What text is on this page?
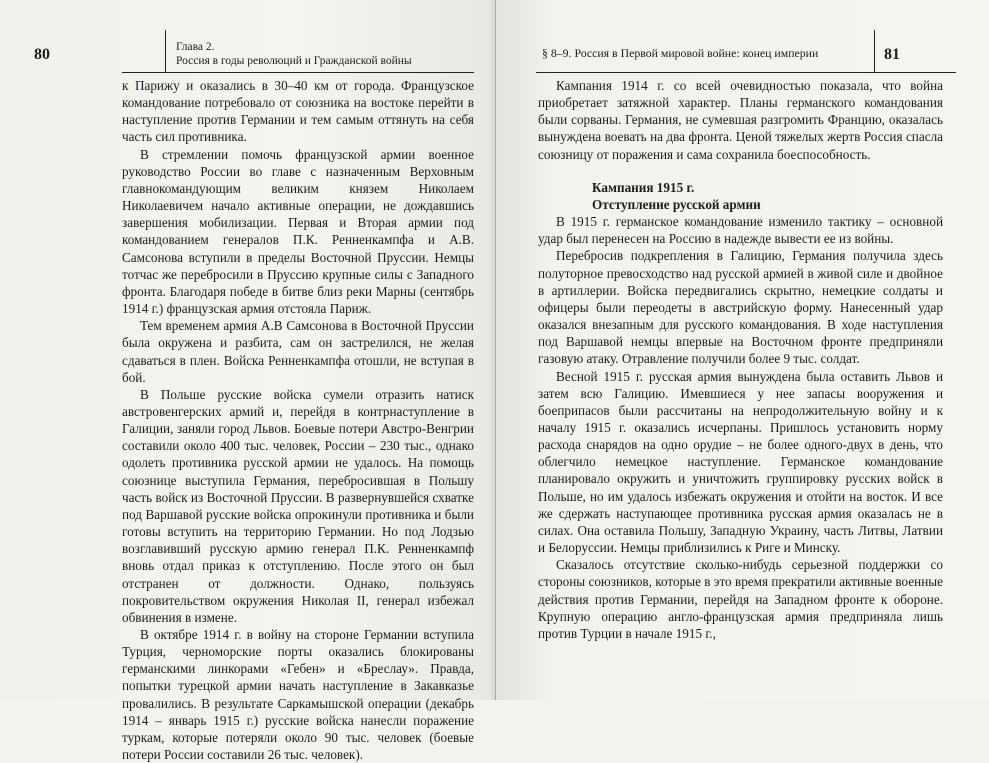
80	Глава 2.
Россия в годы революций и Гражданской войны

к Парижу и оказались в 30–40 км от города. Французское командование потребовало от союзника на востоке перейти в наступление против Германии и тем самым оттянуть на себя часть сил противника.

В стремлении помочь французской армии военное руководство России во главе с назначенным Верховным главнокомандующим великим князем Николаем Николаевичем начало активные операции, не дождавшись завершения мобилизации. Первая и Вторая армии под командованием генералов П.К. Ренненкампфа и А.В. Самсонова вступили в пределы Восточной Пруссии. Немцы тотчас же перебросили в Пруссию крупные силы с Западного фронта. Благодаря победе в битве близ реки Марны (сентябрь 1914 г.) французская армия отстояла Париж.

Тем временем армия А.В Самсонова в Восточной Пруссии была окружена и разбита, сам он застрелился, не желая сдаваться в плен. Войска Ренненкампфа отошли, не вступая в бой.

В Польше русские войска сумели отразить натиск австровенгерских армий и, перейдя в контрнаступление в Галиции, заняли город Львов. Боевые потери Австро-Венгрии составили около 400 тыс. человек, России – 230 тыс., однако одолеть противника русской армии не удалось. На помощь союзнице выступила Германия, перебросившая в Польшу часть войск из Восточной Пруссии. В развернувшейся схватке под Варшавой русские войска опрокинули противника и были готовы вступить на территорию Германии. Но под Лодзью возглавивший русскую армию генерал П.К. Ренненкампф вновь отдал приказ к отступлению. После этого он был отстранен от должности. Однако, пользуясь покровительством окружения Николая II, генерал избежал обвинения в измене.

В октябре 1914 г. в войну на стороне Германии вступила Турция, черноморские порты оказались блокированы германскими линкорами «Гебен» и «Бреслау». Правда, попытки турецкой армии начать наступление в Закавказье провалились. В результате Саркамышской операции (декабрь 1914 – январь 1915 г.) русские войска нанесли поражение туркам, которые потеряли около 90 тыс. человек (боевые потери России составили 26 тыс. человек).

§ 8–9. Россия в Первой мировой войне: конец империи	81

Кампания 1914 г. со всей очевидностью показала, что война приобретает затяжной характер. Планы германского командования были сорваны. Германия, не сумевшая разгромить Францию, оказалась вынуждена воевать на два фронта. Ценой тяжелых жертв Россия спасла союзницу от поражения и сама сохранила боеспособность.

Кампания 1915 г.

Отступление русской армии

В 1915 г. германское командование изменило тактику – основной удар был перенесен на Россию в надежде вывести ее из войны.

Перебросив подкрепления в Галицию, Германия получила здесь полуторное превосходство над русской армией в живой силе и двойное в артиллерии. Войска передвигались скрытно, немецкие солдаты и офицеры были переодеты в австрийскую форму. Нанесенный удар оказался внезапным для русского командования. В ходе наступления под Варшавой немцы впервые на Восточном фронте предприняли газовую атаку. Отравление получили более 9 тыс. солдат.

Весной 1915 г. русская армия вынуждена была оставить Львов и затем всю Галицию. Имевшиеся у нее запасы вооружения и боеприпасов были рассчитаны на непродолжительную войну и к началу 1915 г. оказались исчерпаны. Пришлось установить норму расхода снарядов на одно орудие – не более одного-двух в день, что облегчило немецкое наступление. Германское командование планировало окружить и уничтожить группировку русских войск в Польше, но им удалось избежать окружения и отойти на восток. И все же сдержать наступающее противника русская армия оказалась не в силах. Она оставила Польшу, Западную Украину, часть Литвы, Латвии и Белоруссии. Немцы приблизились к Риге и Минску.

Сказалось отсутствие сколько-нибудь серьезной поддержки со стороны союзников, которые в это время прекратили активные военные действия против Германии, перейдя на Западном фронте к обороне. Крупную операцию англо-французская армия предприняла лишь против Турции в начале 1915 г.,
